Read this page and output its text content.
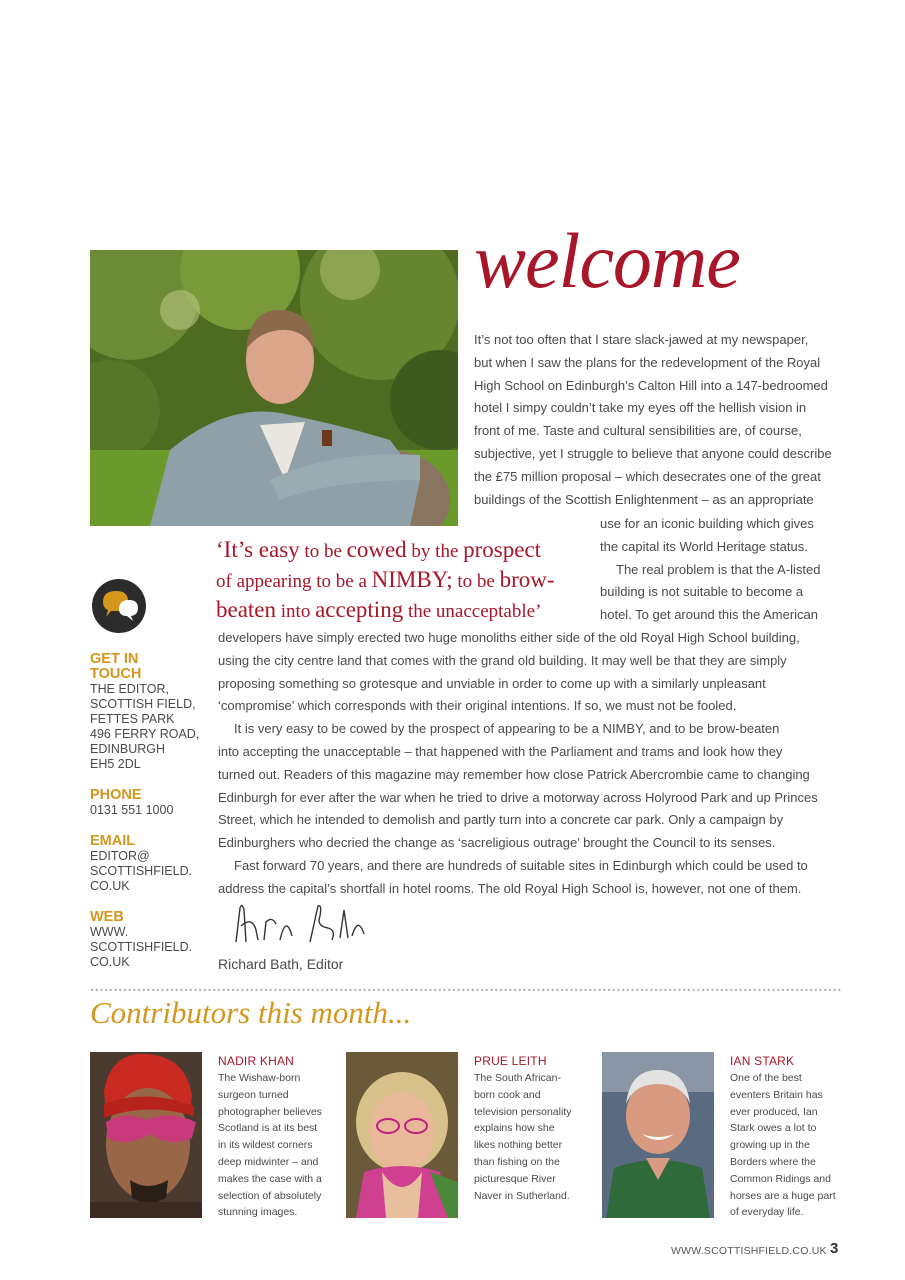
welcome
It’s not too often that I stare slack-jawed at my newspaper,
but when I saw the plans for the redevelopment of the Royal
High School on Edinburgh’s Calton Hill into a 147-bedroomed
hotel I simpy couldn’t take my eyes off the hellish vision in
front of me. Taste and cultural sensibilities are, of course,
subjective, yet I struggle to believe that anyone could describe
the £75 million proposal – which desecrates one of the great
buildings of the Scottish Enlightenment – as an appropriate
use for an iconic building which gives
the capital its World Heritage status.
The real problem is that the A-listed
building is not suitable to become a
hotel. To get around this the American
‘It’s easy to be cowed by the prospect
of appearing to be a NIMBY; to be brow-
beaten into accepting the unacceptable’
developers have simply erected two huge monoliths either side of the old Royal High School building,
using the city centre land that comes with the grand old building. It may well be that they are simply
proposing something so grotesque and unviable in order to come up with a similarly unpleasant
‘compromise’ which corresponds with their original intentions. If so, we must not be fooled.
It is very easy to be cowed by the prospect of appearing to be a NIMBY, and to be brow-beaten
into accepting the unacceptable – that happened with the Parliament and trams and look how they
turned out. Readers of this magazine may remember how close Patrick Abercrombie came to changing
Edinburgh for ever after the war when he tried to drive a motorway across Holyrood Park and up Princes
Street, which he intended to demolish and partly turn into a concrete car park. Only a campaign by
Edinburghers who decried the change as ‘sacreligious outrage’ brought the Council to its senses.
Fast forward 70 years, and there are hundreds of suitable sites in Edinburgh which could be used to
address the capital’s shortfall in hotel rooms. The old Royal High School is, however, not one of them.
GET IN
TOUCH
THE EDITOR,
SCOTTISH FIELD,
FETTES PARK
496 FERRY ROAD,
EDINBURGH
EH5 2DL
PHONE
0131 551 1000
EMAIL
EDITOR@
SCOTTISHFIELD.
CO.UK
WEB
WWW.
SCOTTISHFIELD.
CO.UK	Richard Bath, Editor
Contributors this month...
NADIR KHAN
The Wishaw-born
surgeon turned
photographer believes
Scotland is at its best
in its wildest corners
deep midwinter – and
makes the case with a
selection of absolutely
stunning images.
PRUE LEITH
The South African-
born cook and
television personality
explains how she
likes nothing better
than fishing on the
picturesque River
Naver in Sutherland.
IAN STARK
One of the best
eventers Britain has
ever produced, Ian
Stark owes a lot to
growing up in the
Borders where the
Common Ridings and
horses are a huge part
of everyday life.
WWW.SCOTTISHFIELD.CO.UK 3
